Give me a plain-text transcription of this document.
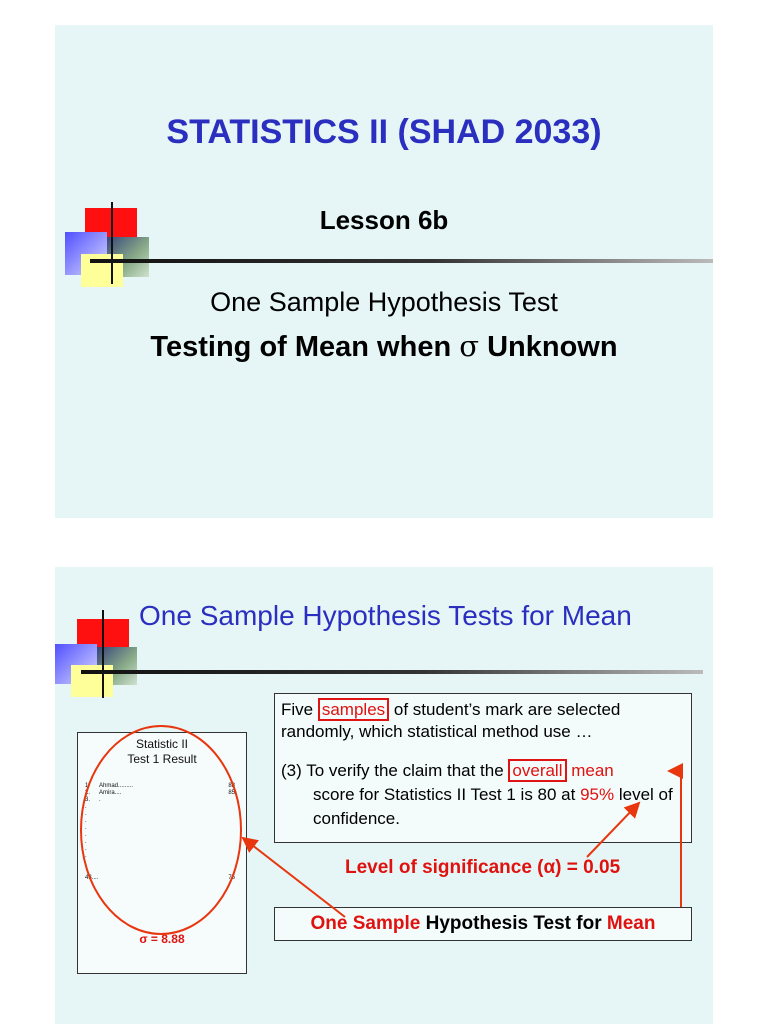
STATISTICS II (SHAD 2033)
Lesson 6b
One Sample Hypothesis Test
Testing of Mean when σ Unknown
One Sample Hypothesis Tests for Mean
Statistic II
Test 1 Result
1. Ahmad.........	88
2. Amira....	85
3. .
.
.
.
.
.
.
.
.
.
43....	75
σ = 8.88
Five samples of student’s mark are selected randomly, which statistical method use …
(3) To verify the claim that the overall mean
score for Statistics II Test 1 is 80 at 95% level of confidence.
Level of significance (α) = 0.05
One Sample Hypothesis Test for Mean
